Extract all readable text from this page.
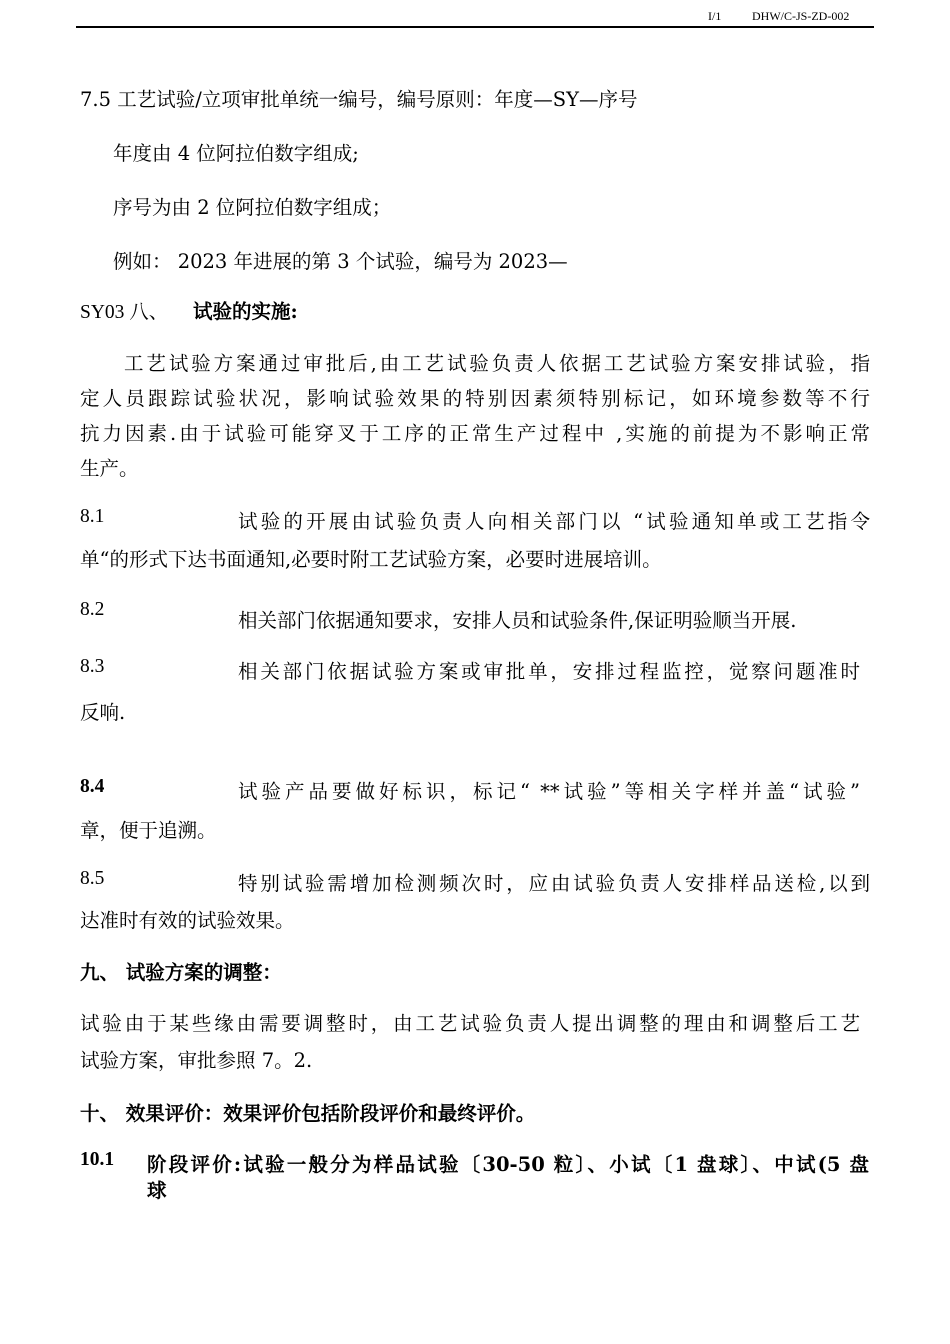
I/1	DHW/C-JS-ZD-002
7.5 工艺试验/立项审批单统一编号，编号原则：年度—SY—序号
年度由 4 位阿拉伯数字组成;
序号为由 2 位阿拉伯数字组成；
例如： 2023 年进展的第 3 个试验，编号为 2023—
SY03 八、 试验的实施:
工艺试验方案通过审批后,由工艺试验负责人依据工艺试验方案安排试验，指
定人员跟踪试验状况，影响试验效果的特别因素须特别标记，如环境参数等不行
抗力因素.由于试验可能穿叉于工序的正常生产过程中 ,实施的前提为不影响正常
生产。
8.1	试验的开展由试验负责人向相关部门以 “试验通知单或工艺指令
单“的形式下达书面通知,必要时附工艺试验方案，必要时进展培训。
8.2	相关部门依据通知要求，安排人员和试验条件,保证明验顺当开展.
8.3	相关部门依据试验方案或审批单，安排过程监控，觉察问题准时
反响.
8.4	试验产品要做好标识，标记“ **试验”等相关字样并盖“试验”
章，便于追溯。
8.5	特别试验需增加检测频次时，应由试验负责人安排样品送检,以到
达准时有效的试验效果。
九、 试验方案的调整：
试验由于某些缘由需要调整时，由工艺试验负责人提出调整的理由和调整后工艺
试验方案，审批参照 7。2.
十、 效果评价：效果评价包括阶段评价和最终评价。
10.1 阶段评价:试验一般分为样品试验〔30-50 粒〕、小试〔1 盘球〕、中试(5 盘
球
